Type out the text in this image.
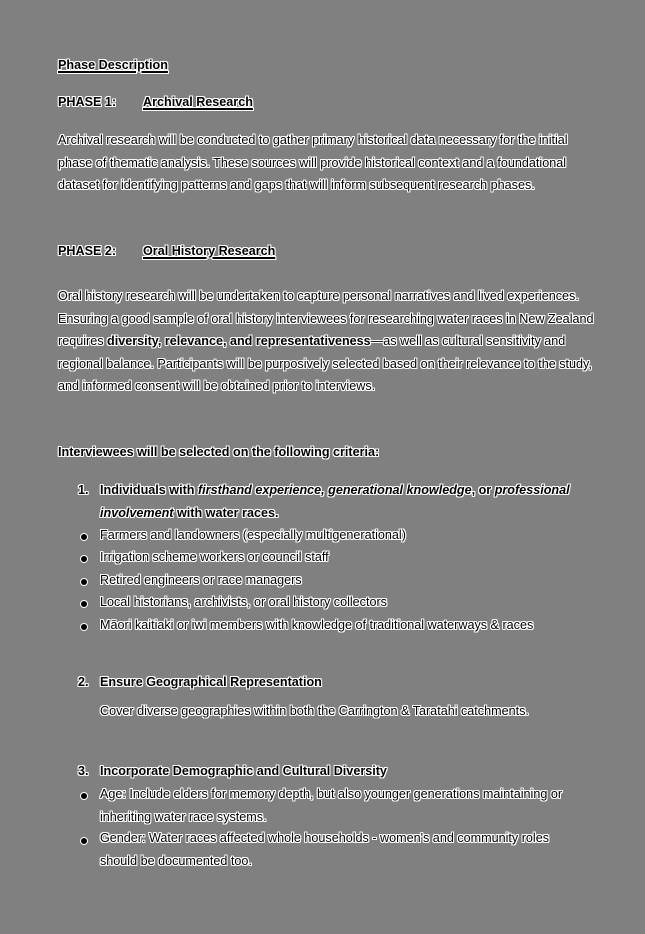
Phase Description
PHASE 1: Archival Research
Archival research will be conducted to gather primary historical data necessary for the initial phase of thematic analysis. These sources will provide historical context and a foundational dataset for identifying patterns and gaps that will inform subsequent research phases.
PHASE 2: Oral History Research
Oral history research will be undertaken to capture personal narratives and lived experiences. Ensuring a good sample of oral history interviewees for researching water races in New Zealand requires diversity, relevance, and representativeness—as well as cultural sensitivity and regional balance. Participants will be purposively selected based on their relevance to the study, and informed consent will be obtained prior to interviews.
Interviewees will be selected on the following criteria:
1. Individuals with firsthand experience, generational knowledge, or professional involvement with water races.
Farmers and landowners (especially multigenerational)
Irrigation scheme workers or council staff
Retired engineers or race managers
Local historians, archivists, or oral history collectors
Māori kaitiaki or iwi members with knowledge of traditional waterways & races
2. Ensure Geographical Representation
Cover diverse geographies within both the Carrington & Taratahi catchments.
3. Incorporate Demographic and Cultural Diversity
Age: Include elders for memory depth, but also younger generations maintaining or inheriting water race systems.
Gender: Water races affected whole households - women's and community roles should be documented too.
